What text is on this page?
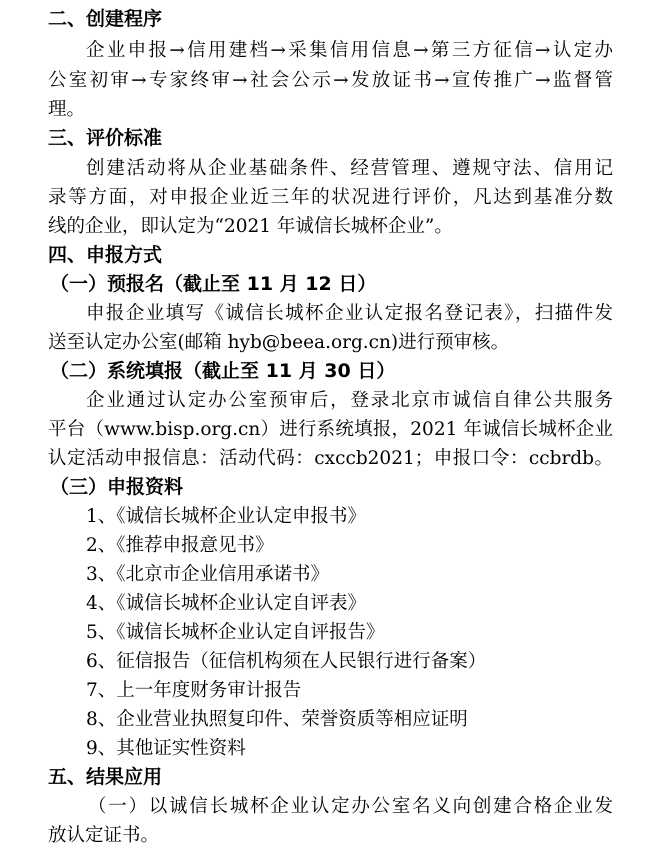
二、创建程序
企业申报→信用建档→采集信用信息→第三方征信→认定办
公室初审→专家终审→社会公示→发放证书→宣传推广→监督管
理。
三、评价标准
创建活动将从企业基础条件、经营管理、遵规守法、信用记
录等方面，对申报企业近三年的状况进行评价，凡达到基准分数
线的企业，即认定为“2021 年诚信长城杯企业”。
四、申报方式
（一）预报名（截止至 11 月 12 日）
申报企业填写《诚信长城杯企业认定报名登记表》，扫描件发
送至认定办公室(邮箱 hyb@beea.org.cn)进行预审核。
（二）系统填报（截止至 11 月 30 日）
企业通过认定办公室预审后，登录北京市诚信自律公共服务
平台（www.bisp.org.cn）进行系统填报，2021 年诚信长城杯企业
认定活动申报信息：活动代码：cxccb2021；申报口令：ccbrdb。
（三）申报资料
1、《诚信长城杯企业认定申报书》
2、《推荐申报意见书》
3、《北京市企业信用承诺书》
4、《诚信长城杯企业认定自评表》
5、《诚信长城杯企业认定自评报告》
6、征信报告（征信机构须在人民银行进行备案）
7、上一年度财务审计报告
8、企业营业执照复印件、荣誉资质等相应证明
9、其他证实性资料
五、结果应用
（一）以诚信长城杯企业认定办公室名义向创建合格企业发
放认定证书。
